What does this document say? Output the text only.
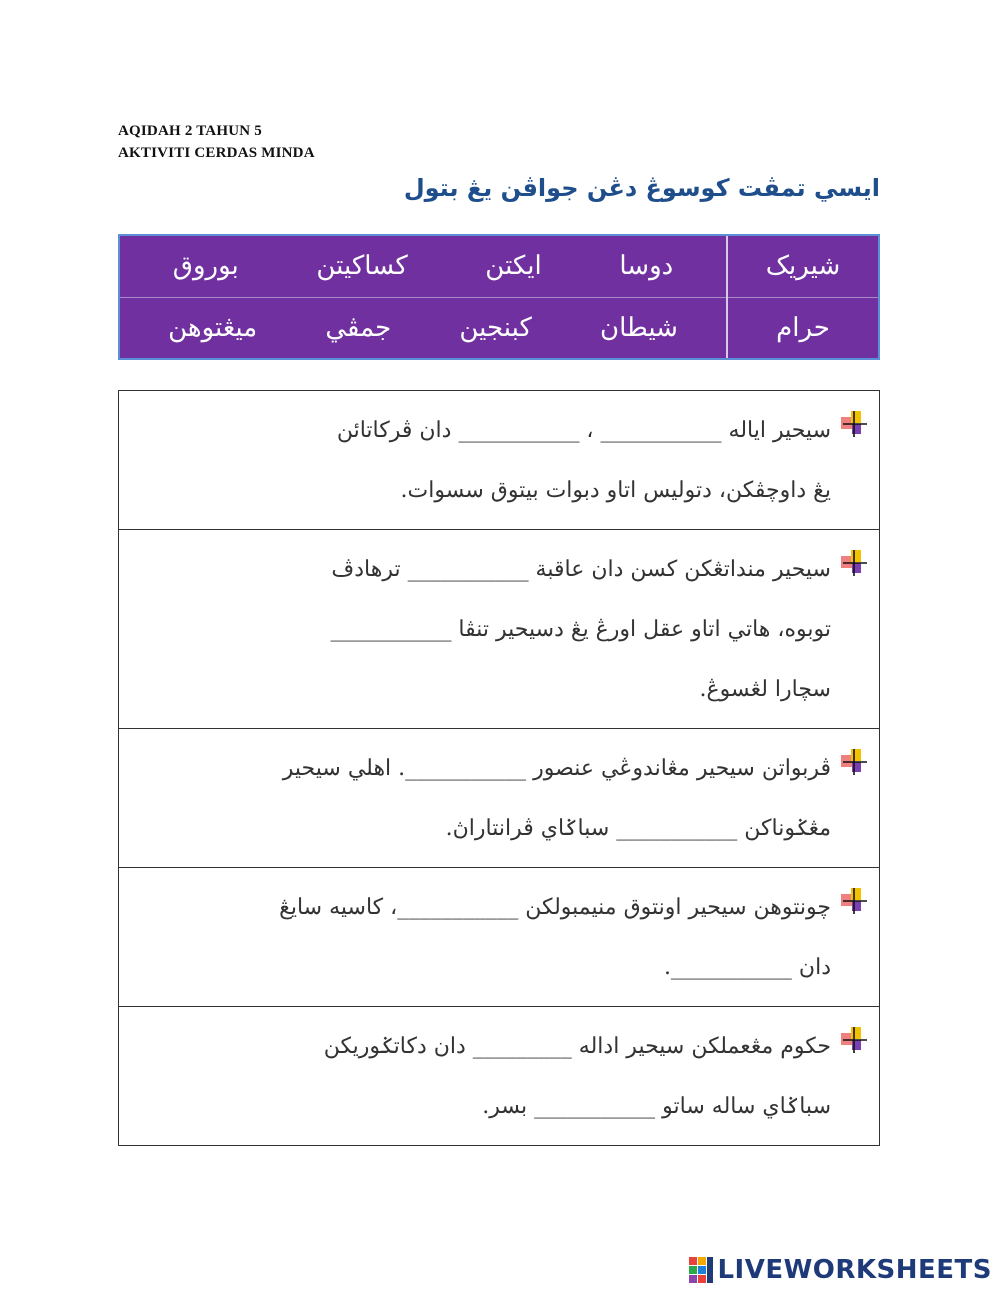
AQIDAH 2 TAHUN 5
AKTIVITI CERDAS MINDA
ايسي تمڤت کوسوڠ دڠن جواڤن يڠ بتول
شيريک
حرام
دوسا
ايکتن
کساکيتن
بوروق
شيطان
کبنجين
جمڤي
ميڠتوهن
سيحير اياله ___________ ، ___________ دان ڤرکاتائن
يڠ داوچڤکن، دتوليس اتاو دبوات بيتوق سسوات.
سيحير منداتڠکن کسن دان عاقبة ___________ ترهادڤ
توبوه، هاتي اتاو عقل اورڠ يڠ دسيحير تنڤا ___________
سچارا لڠسوڠ.
ڤربواتن سيحير مڠاندوڠي عنصور ___________. اهلي سيحير
مڠݢوناکن ___________ سباݢاي ڤرانتاراڽ.
چونتوهن سيحير اونتوق منيمبولکن ___________، کاسيه سايڠ
دان ___________.
حکوم مڠعملکن سيحير اداله _________ دان دکاتݢوريکن
سباݢاي ساله ساتو ___________ بسر.
LIVEWORKSHEETS
